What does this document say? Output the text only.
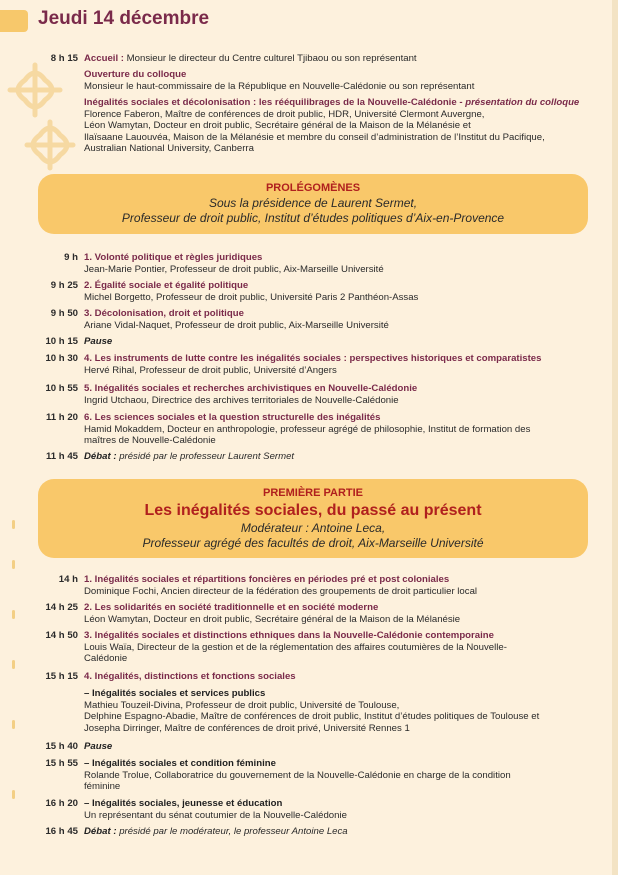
Jeudi 14 décembre
8 h 15 Accueil : Monsieur le directeur du Centre culturel Tjibaou ou son représentant
Ouverture du colloque
Monsieur le haut-commissaire de la République en Nouvelle-Calédonie ou son représentant
Inégalités sociales et décolonisation : les rééquilibrages de la Nouvelle-Calédonie - présentation du colloque
Florence Faberon, Maître de conférences de droit public, HDR, Université Clermont Auvergne,
Léon Wamytan, Docteur en droit public, Secrétaire général de la Maison de la Mélanésie et
Ilaïsaane Lauouvéa, Maison de la Mélanésie et membre du conseil d’administration de l’Institut du Pacifique,
Australian National University, Canberra
PROLÉGOMÈNES
Sous la présidence de Laurent Sermet,
Professeur de droit public, Institut d’études politiques d’Aix-en-Provence
9 h 1. Volonté politique et règles juridiques
Jean-Marie Pontier, Professeur de droit public, Aix-Marseille Université
9 h 25 2. Égalité sociale et égalité politique
Michel Borgetto, Professeur de droit public, Université Paris 2 Panthéon-Assas
9 h 50 3. Décolonisation, droit et politique
Ariane Vidal-Naquet, Professeur de droit public, Aix-Marseille Université
10 h 15 Pause
10 h 30 4. Les instruments de lutte contre les inégalités sociales : perspectives historiques et comparatistes
Hervé Rihal, Professeur de droit public, Université d’Angers
10 h 55 5. Inégalités sociales et recherches archivistiques en Nouvelle-Calédonie
Ingrid Utchaou, Directrice des archives territoriales de Nouvelle-Calédonie
11 h 20 6. Les sciences sociales et la question structurelle des inégalités
Hamid Mokaddem, Docteur en anthropologie, professeur agrégé de philosophie, Institut de formation des
maîtres de Nouvelle-Calédonie
11 h 45 Débat : présidé par le professeur Laurent Sermet
PREMIÈRE PARTIE
Les inégalités sociales, du passé au présent
Modérateur : Antoine Leca,
Professeur agrégé des facultés de droit, Aix-Marseille Université
14 h 1. Inégalités sociales et répartitions foncières en périodes pré et post coloniales
Dominique Fochi, Ancien directeur de la fédération des groupements de droit particulier local
14 h 25 2. Les solidarités en société traditionnelle et en société moderne
Léon Wamytan, Docteur en droit public, Secrétaire général de la Maison de la Mélanésie
14 h 50 3. Inégalités sociales et distinctions ethniques dans la Nouvelle-Calédonie contemporaine
Louis Waïa, Directeur de la gestion et de la réglementation des affaires coutumières de la Nouvelle-
Calédonie
15 h 15 4. Inégalités, distinctions et fonctions sociales
– Inégalités sociales et services publics
Mathieu Touzeil-Divina, Professeur de droit public, Université de Toulouse,
Delphine Espagno-Abadie, Maître de conférences de droit public, Institut d’études politiques de Toulouse et
Josepha Dirringer, Maître de conférences de droit privé, Université Rennes 1
15 h 40 Pause
15 h 55 – Inégalités sociales et condition féminine
Rolande Trolue, Collaboratrice du gouvernement de la Nouvelle-Calédonie en charge de la condition
féminine
16 h 20 – Inégalités sociales, jeunesse et éducation
Un représentant du sénat coutumier de la Nouvelle-Calédonie
16 h 45 Débat : présidé par le modérateur, le professeur Antoine Leca
